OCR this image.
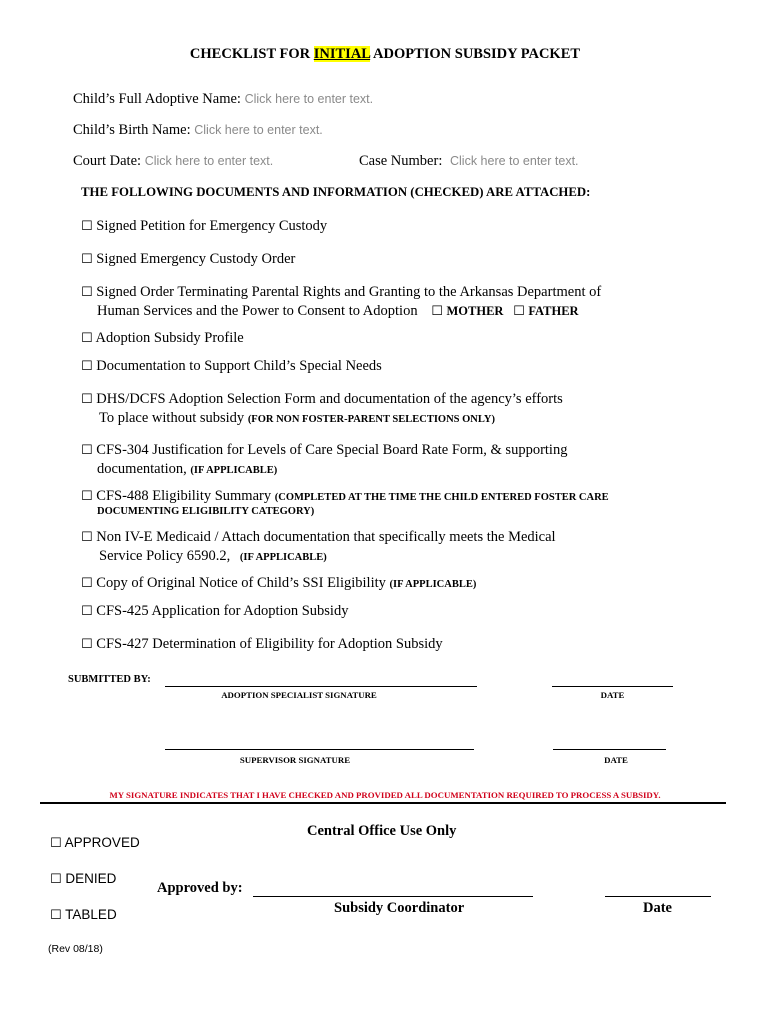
CHECKLIST FOR INITIAL ADOPTION SUBSIDY PACKET
Child’s Full Adoptive Name: Click here to enter text.
Child’s Birth Name: Click here to enter text.
Court Date: Click here to enter text.	Case Number: Click here to enter text.
THE FOLLOWING DOCUMENTS AND INFORMATION (CHECKED) ARE ATTACHED:
☐ Signed Petition for Emergency Custody
☐ Signed Emergency Custody Order
☐ Signed Order Terminating Parental Rights and Granting to the Arkansas Department of
Human Services and the Power to Consent to Adoption ☐ MOTHER ☐ FATHER
☐ Adoption Subsidy Profile
☐ Documentation to Support Child’s Special Needs
☐ DHS/DCFS Adoption Selection Form and documentation of the agency’s efforts
To place without subsidy (FOR NON FOSTER-PARENT SELECTIONS ONLY)
☐ CFS-304 Justification for Levels of Care Special Board Rate Form, & supporting
documentation, (IF APPLICABLE)
☐ CFS-488 Eligibility Summary (COMPLETED AT THE TIME THE CHILD ENTERED FOSTER CARE
DOCUMENTING ELIGIBILITY CATEGORY)
☐ Non IV-E Medicaid / Attach documentation that specifically meets the Medical
Service Policy 6590.2, (IF APPLICABLE)
☐ Copy of Original Notice of Child’s SSI Eligibility (IF APPLICABLE)
☐ CFS-425 Application for Adoption Subsidy
☐ CFS-427 Determination of Eligibility for Adoption Subsidy
SUBMITTED BY:
ADOPTION SPECIALIST SIGNATURE	DATE
SUPERVISOR SIGNATURE	DATE
MY SIGNATURE INDICATES THAT I HAVE CHECKED AND PROVIDED ALL DOCUMENTATION REQUIRED TO PROCESS A SUBSIDY.
☐ APPROVED
☐ DENIED
☐ TABLED
Central Office Use Only
Approved by:
Subsidy Coordinator	Date
(Rev 08/18)
